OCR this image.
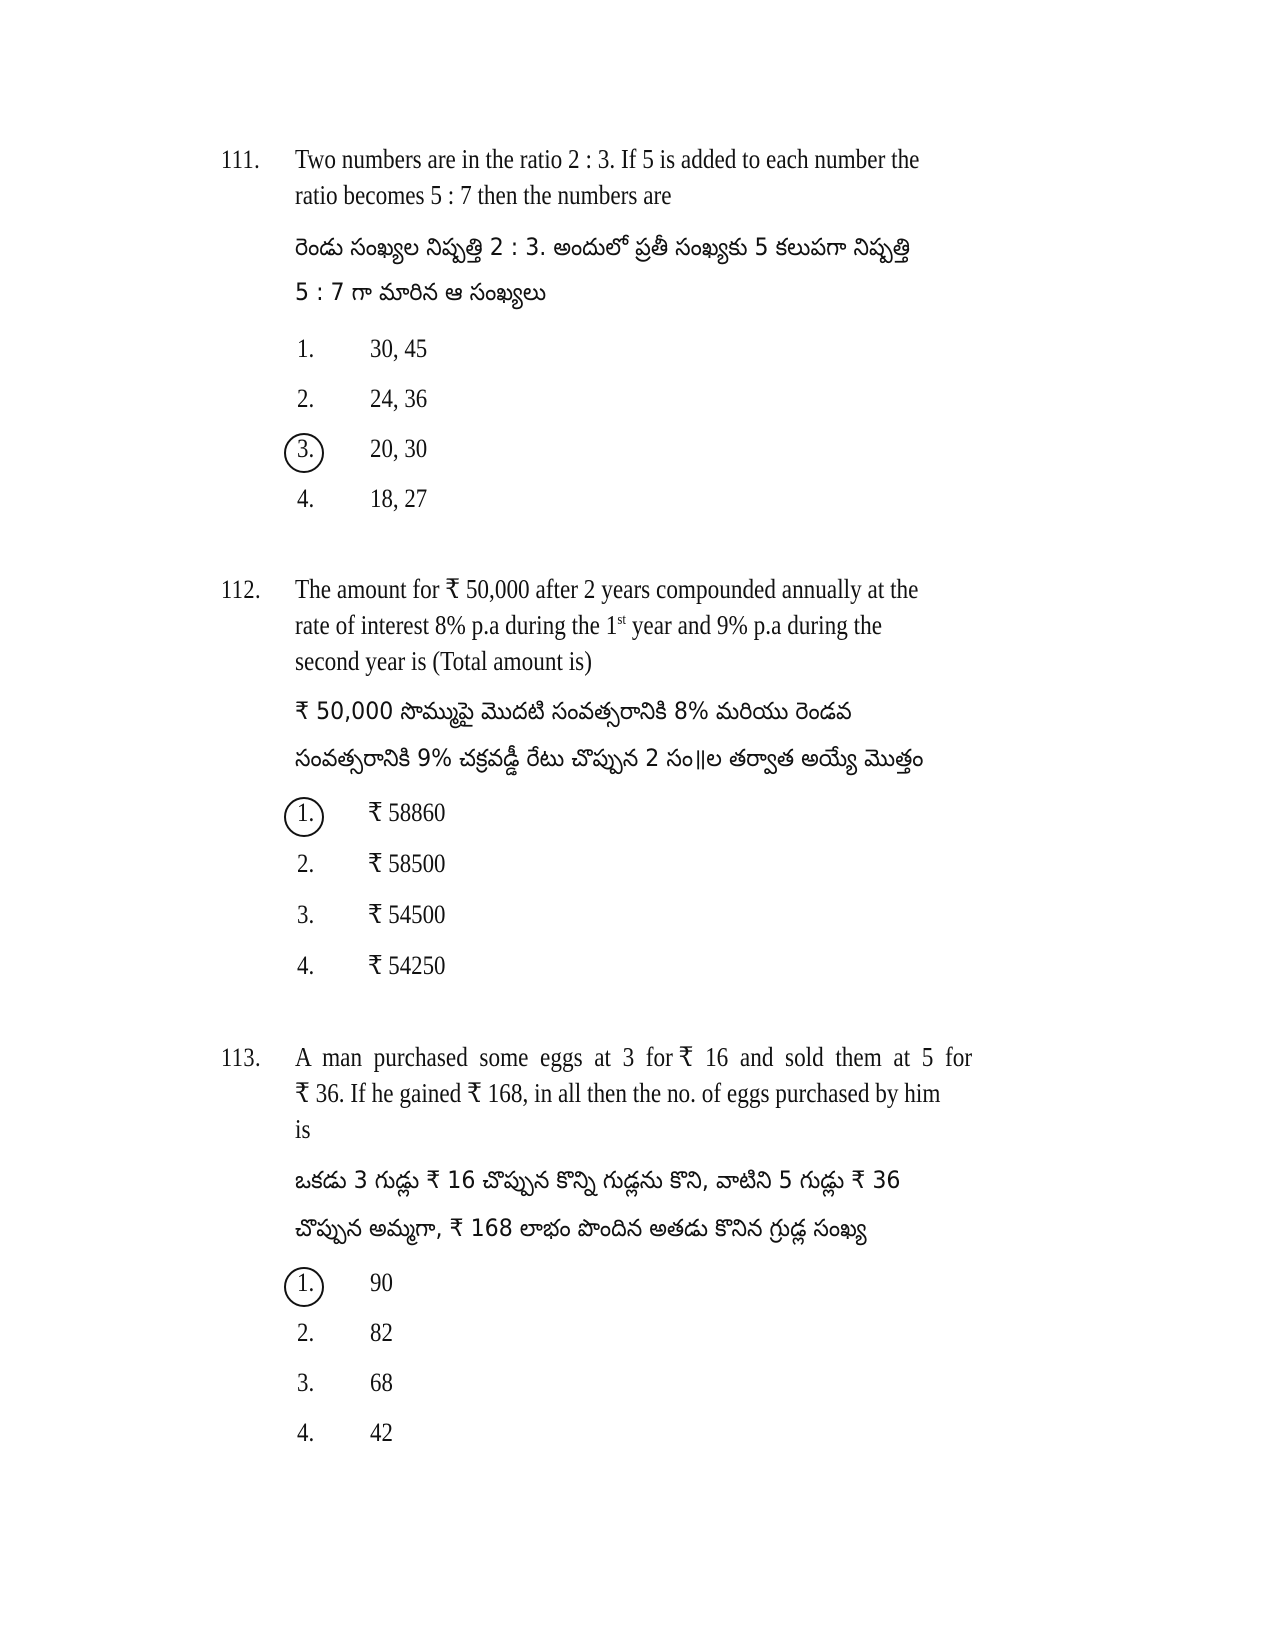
111. Two numbers are in the ratio 2 : 3. If 5 is added to each number the
ratio becomes 5 : 7 then the numbers are
రెండు సంఖ్యల నిష్పత్తి 2 : 3. అందులో ప్రతీ సంఖ్యకు 5 కలుపగా నిష్పత్తి
5 : 7 గా మారిన ఆ సంఖ్యలు
1. 30, 45
2. 24, 36
3. 20, 30
4. 18, 27
112. The amount for ₹ 50,000 after 2 years compounded annually at the
rate of interest 8% p.a during the 1st year and 9% p.a during the
second year is (Total amount is)
₹ 50,000 సొమ్ముపై మొదటి సంవత్సరానికి 8% మరియు రెండవ
సంవత్సరానికి 9% చక్రవడ్డీ రేటు చొప్పున 2 సం॥ల తర్వాత అయ్యే మొత్తం
1. ₹ 58860
2. ₹ 58500
3. ₹ 54500
4. ₹ 54250
113. A  man  purchased  some  eggs  at  3  for ₹  16  and  sold  them  at  5  for
₹ 36. If he gained ₹ 168, in all then the no. of eggs purchased by him
is
ఒకడు 3 గుడ్లు ₹ 16 చొప్పున కొన్ని గుడ్లను కొని, వాటిని 5 గుడ్లు ₹ 36
చొప్పున అమ్మగా, ₹ 168 లాభం పొందిన అతడు కొనిన గ్రుడ్ల సంఖ్య
1. 90
2. 82
3. 68
4. 42
